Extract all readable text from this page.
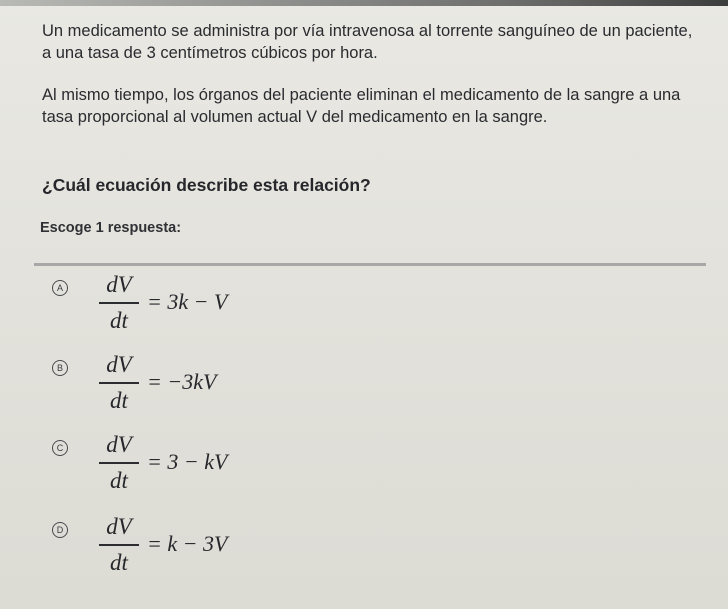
Un medicamento se administra por vía intravenosa al torrente sanguíneo de un paciente, a una tasa de 3 centímetros cúbicos por hora.

Al mismo tiempo, los órganos del paciente eliminan el medicamento de la sangre a una tasa proporcional al volumen actual V del medicamento en la sangre.

¿Cuál ecuación describe esta relación?

Escoge 1 respuesta:
A	dV
dt
= 3k − V
B	dV
dt
= −3kV
C	dV
dt
= 3 − kV
D	dV
dt
= k − 3V
